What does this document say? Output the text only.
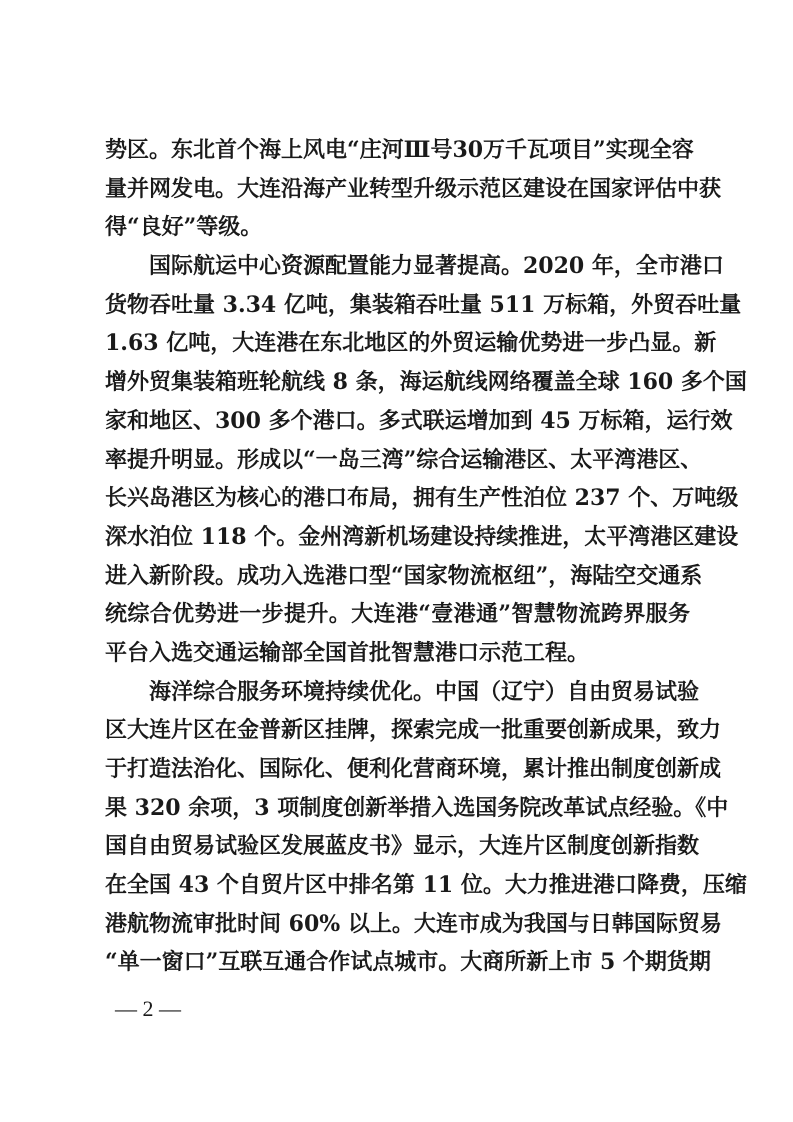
势区。东北首个海上风电“庄河Ⅲ号30万千瓦项目”实现全容
量并网发电。大连沿海产业转型升级示范区建设在国家评估中获
得“良好”等级。
国际航运中心资源配置能力显著提高。2020 年，全市港口
货物吞吐量 3.34 亿吨，集装箱吞吐量 511 万标箱，外贸吞吐量
1.63 亿吨，大连港在东北地区的外贸运输优势进一步凸显。新
增外贸集装箱班轮航线 8 条，海运航线网络覆盖全球 160 多个国
家和地区、300 多个港口。多式联运增加到 45 万标箱，运行效
率提升明显。形成以“一岛三湾”综合运输港区、太平湾港区、
长兴岛港区为核心的港口布局，拥有生产性泊位 237 个、万吨级
深水泊位 118 个。金州湾新机场建设持续推进，太平湾港区建设
进入新阶段。成功入选港口型“国家物流枢纽”，海陆空交通系
统综合优势进一步提升。大连港“壹港通”智慧物流跨界服务
平台入选交通运输部全国首批智慧港口示范工程。
海洋综合服务环境持续优化。中国（辽宁）自由贸易试验
区大连片区在金普新区挂牌，探索完成一批重要创新成果，致力
于打造法治化、国际化、便利化营商环境，累计推出制度创新成
果 320 余项，3 项制度创新举措入选国务院改革试点经验。《中
国自由贸易试验区发展蓝皮书》显示，大连片区制度创新指数
在全国 43 个自贸片区中排名第 11 位。大力推进港口降费，压缩
港航物流审批时间 60% 以上。大连市成为我国与日韩国际贸易
“单一窗口”互联互通合作试点城市。大商所新上市 5 个期货期
— 2 —
